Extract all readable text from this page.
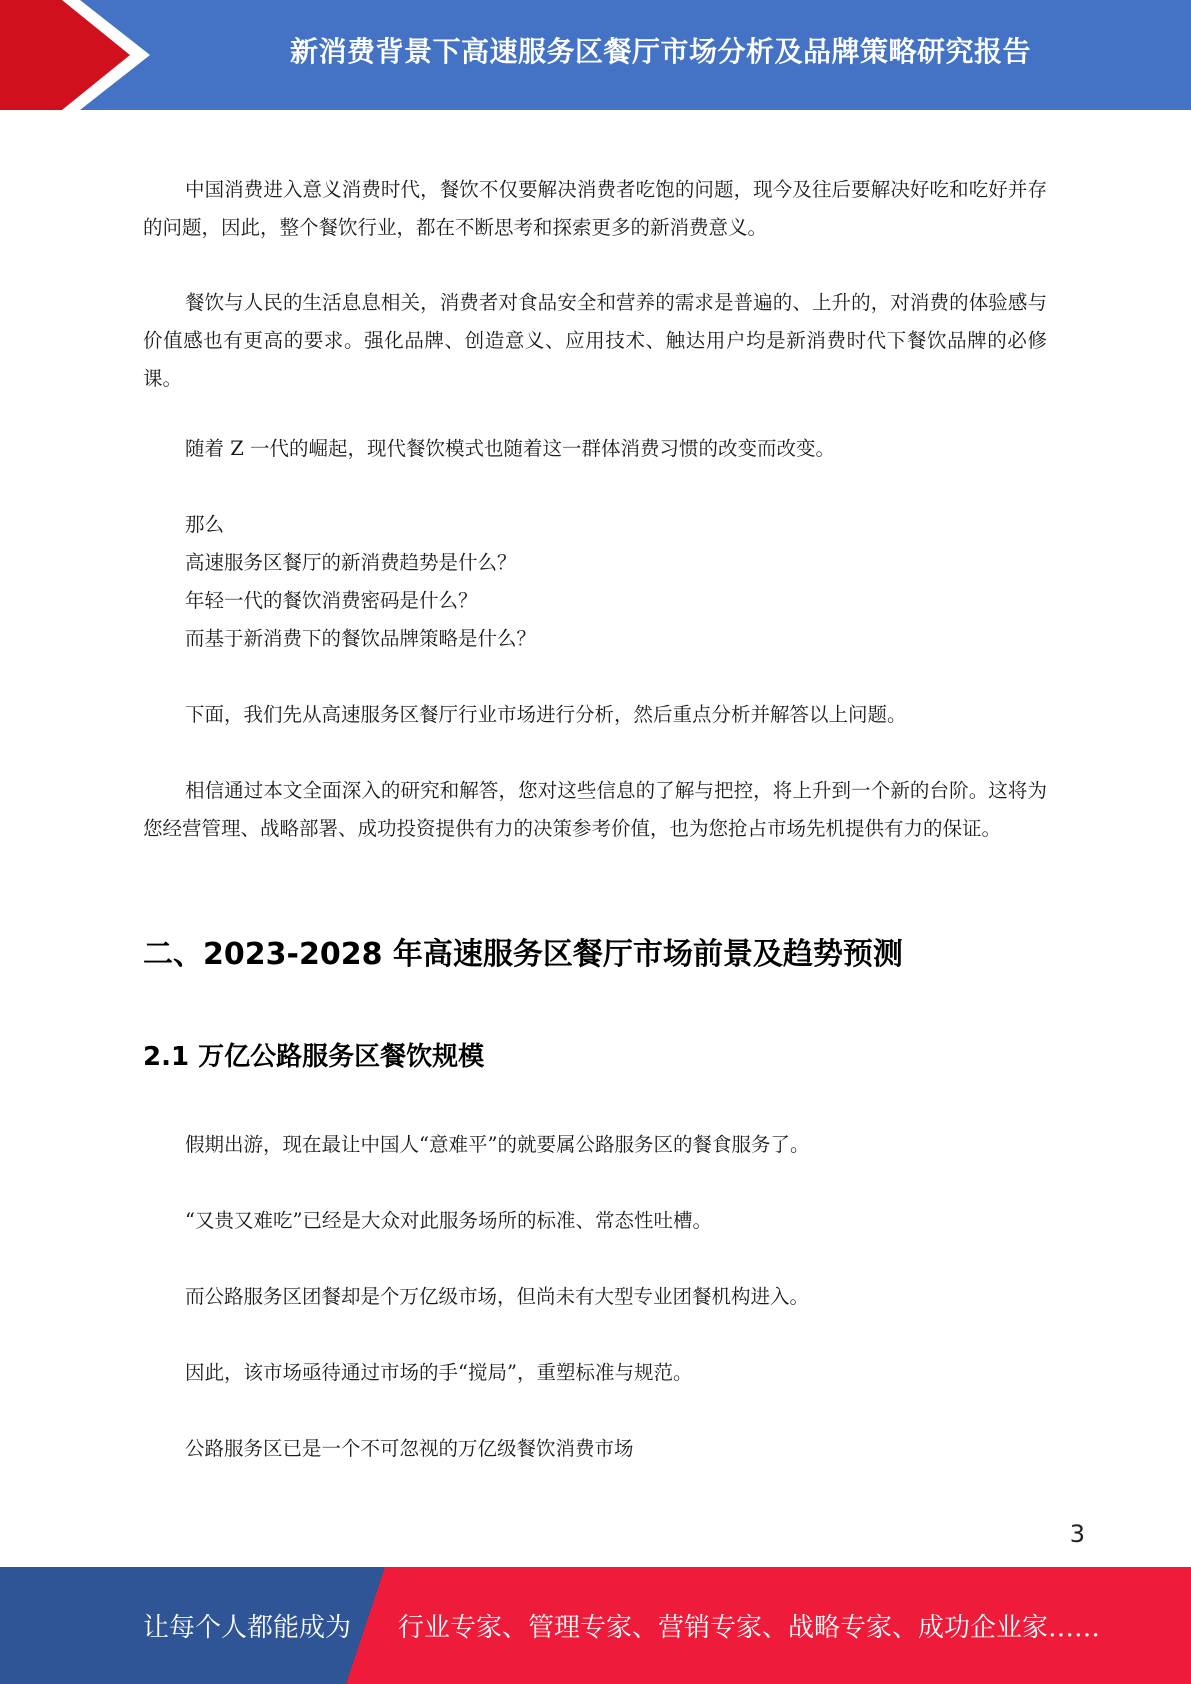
新消费背景下高速服务区餐厅市场分析及品牌策略研究报告

中国消费进入意义消费时代，餐饮不仅要解决消费者吃饱的问题，现今及往后要解决好吃和吃好并存的问题，因此，整个餐饮行业，都在不断思考和探索更多的新消费意义。

餐饮与人民的生活息息相关，消费者对食品安全和营养的需求是普遍的、上升的，对消费的体验感与价值感也有更高的要求。强化品牌、创造意义、应用技术、触达用户均是新消费时代下餐饮品牌的必修课。

随着 Z 一代的崛起，现代餐饮模式也随着这一群体消费习惯的改变而改变。

那么

高速服务区餐厅的新消费趋势是什么？

年轻一代的餐饮消费密码是什么？

而基于新消费下的餐饮品牌策略是什么？

下面，我们先从高速服务区餐厅行业市场进行分析，然后重点分析并解答以上问题。

相信通过本文全面深入的研究和解答，您对这些信息的了解与把控，将上升到一个新的台阶。这将为您经营管理、战略部署、成功投资提供有力的决策参考价值，也为您抢占市场先机提供有力的保证。

二、2023-2028 年高速服务区餐厅市场前景及趋势预测
2.1 万亿公路服务区餐饮规模

假期出游，现在最让中国人“意难平”的就要属公路服务区的餐食服务了。

“又贵又难吃”已经是大众对此服务场所的标准、常态性吐槽。

而公路服务区团餐却是个万亿级市场，但尚未有大型专业团餐机构进入。

因此，该市场亟待通过市场的手“搅局”，重塑标准与规范。

公路服务区已是一个不可忽视的万亿级餐饮消费市场

3
让每个人都能成为 行业专家、管理专家、营销专家、战略专家、成功企业家……
